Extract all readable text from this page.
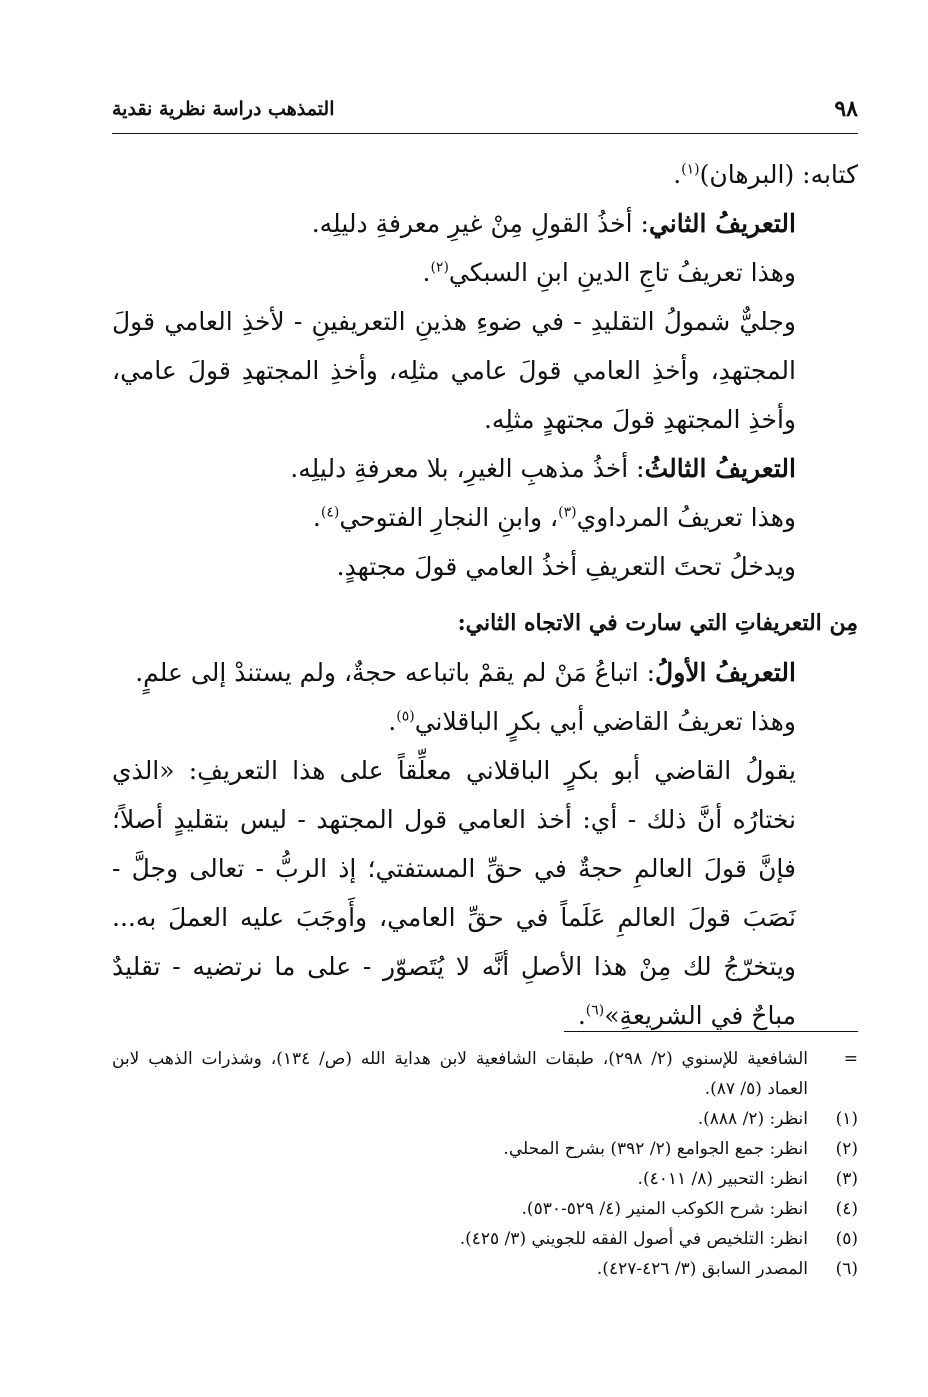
٩٨
التمذهب دراسة نظرية نقدية

كتابه: (البرهان)$^{(١)}$.

التعريفُ الثاني: أخذُ القولِ مِنْ غيرِ معرفةِ دليلِه.

وهذا تعريفُ تاجِ الدينِ ابنِ السبكي$^{(٢)}$.

وجليٌّ شمولُ التقليدِ - في ضوءِ هذينِ التعريفينِ - لأخذِ العامي قولَ المجتهدِ، وأخذِ العامي قولَ عامي مثلِه، وأخذِ المجتهدِ قولَ عامي، وأخذِ المجتهدِ قولَ مجتهدٍ مثلِه.

التعريفُ الثالثُ: أخذُ مذهبِ الغيرِ، بلا معرفةِ دليلِه.

وهذا تعريفُ المرداوي$^{(٣)}$، وابنِ النجارِ الفتوحي$^{(٤)}$.

ويدخلُ تحتَ التعريفِ أخذُ العامي قولَ مجتهدٍ.

مِن التعريفاتِ التي سارت في الاتجاه الثاني:

التعريفُ الأولُ: اتباعُ مَنْ لم يقمْ باتباعه حجةٌ، ولم يستندْ إلى علمٍ.

وهذا تعريفُ القاضي أبي بكرٍ الباقلاني$^{(٥)}$.

يقولُ القاضي أبو بكرٍ الباقلاني معلِّقاً على هذا التعريفِ: «الذي نختارُه أنَّ ذلك - أي: أخذ العامي قول المجتهد - ليس بتقليدٍ أصلاً؛ فإنَّ قولَ العالمِ حجةٌ في حقِّ المستفتي؛ إذ الربُّ - تعالى وجلَّ - نَصَبَ قولَ العالمِ عَلَماً في حقِّ العامي، وأَوجَبَ عليه العملَ به... ويتخرّجُ لك مِنْ هذا الأصلِ أنَّه لا يُتَصوّر - على ما نرتضيه - تقليدٌ مباحٌ في الشريعةِ»$^{(٦)}$.

=
الشافعية للإسنوي (٢/ ٢٩٨)، طبقات الشافعية لابن هداية الله (ص/ ١٣٤)، وشذرات الذهب لابن العماد (٥/ ٨٧).
(١)
انظر: (٢/ ٨٨٨).
(٢)
انظر: جمع الجوامع (٢/ ٣٩٢) بشرح المحلي.
(٣)
انظر: التحبير (٨/ ٤٠١١).
(٤)
انظر: شرح الكوكب المنير (٤/ ٥٢٩-٥٣٠).
(٥)
انظر: التلخيص في أصول الفقه للجويني (٣/ ٤٢٥).
(٦)
المصدر السابق (٣/ ٤٢٦-٤٢٧).
